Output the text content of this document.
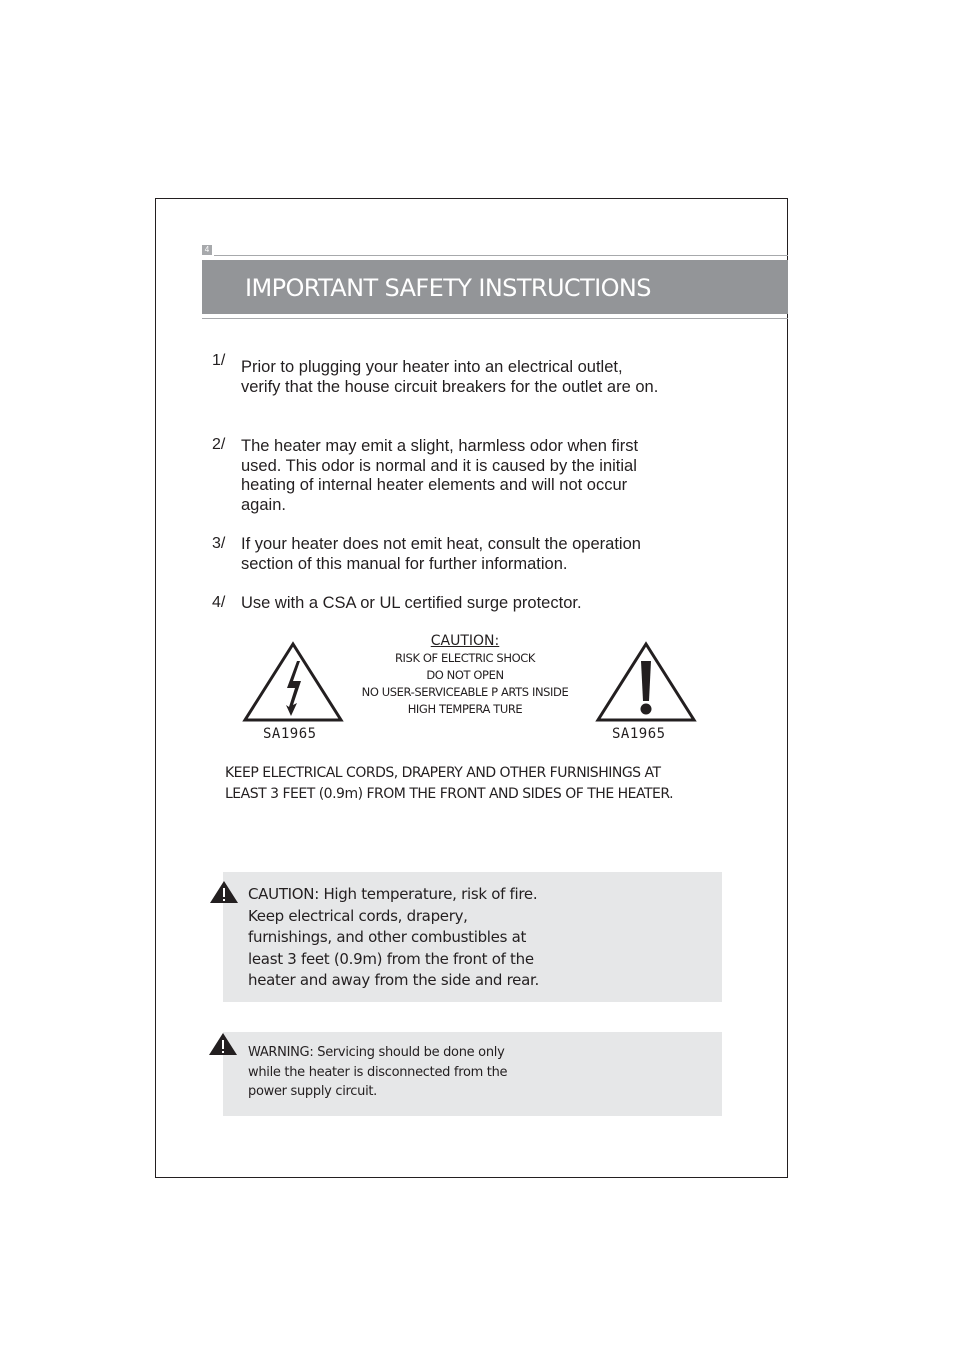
4
IMPORTANT SAFETY INSTRUCTIONS
1/ Prior to plugging your heater into an electrical outlet, verify that the house circuit breakers for the outlet are on.
2/ The heater may emit a slight, harmless odor when first used. This odor is normal and it is caused by the initial heating of internal heater elements and will not occur again.
3/ If your heater does not emit heat, consult the operation section of this manual for further information.
4/ Use with a CSA or UL certified surge protector.
SA1965
CAUTION:
RISK OF ELECTRIC SHOCK
DO NOT OPEN
NO USER-SERVICEABLE P ARTS INSIDE
HIGH TEMPERA TURE
SA1965
KEEP ELECTRICAL CORDS, DRAPERY AND OTHER FURNISHINGS AT
LEAST 3 FEET (0.9m) FROM THE FRONT AND SIDES OF THE HEATER.
CAUTION: High temperature, risk of fire.
Keep electrical cords, drapery,
furnishings, and other combustibles at
least 3 feet (0.9m) from the front of the
heater and away from the side and rear.
WARNING: Servicing should be done only
while the heater is disconnected from the
power supply circuit.
